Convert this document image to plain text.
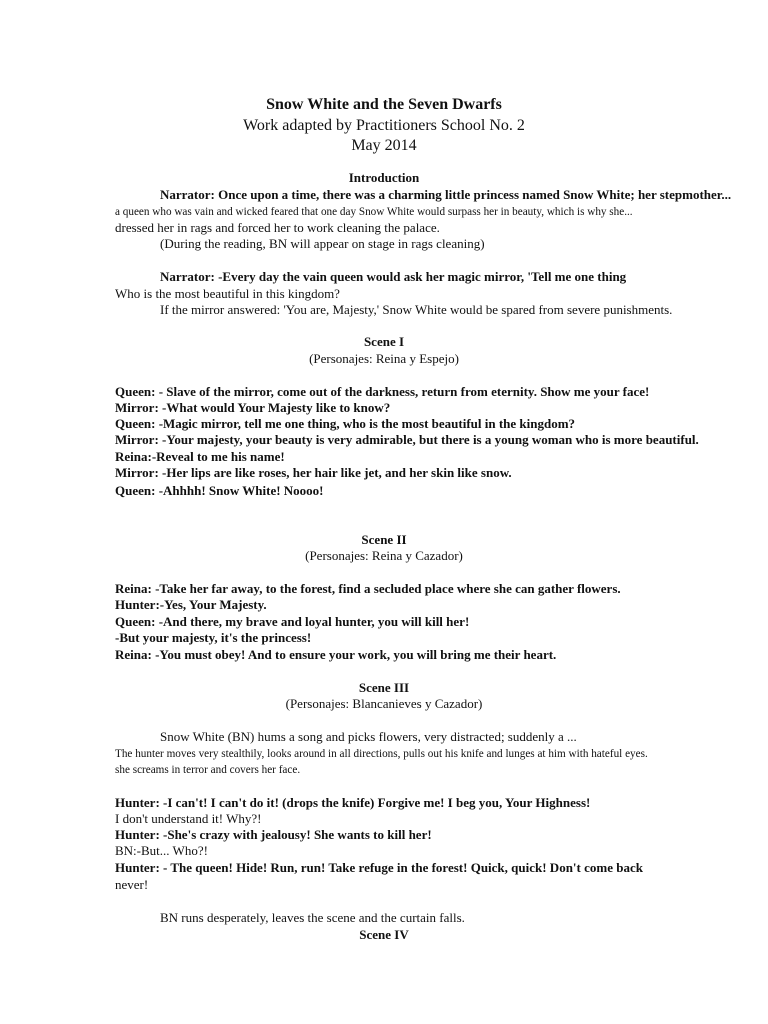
Snow White and the Seven Dwarfs

Work adapted by Practitioners School No. 2

May 2014

Introduction

Narrator: Once upon a time, there was a charming little princess named Snow White; her stepmother...

a queen who was vain and wicked feared that one day Snow White would surpass her in beauty, which is why she...

dressed her in rags and forced her to work cleaning the palace.

(During the reading, BN will appear on stage in rags cleaning)

Narrator: -Every day the vain queen would ask her magic mirror, 'Tell me one thing

Who is the most beautiful in this kingdom?

If the mirror answered: 'You are, Majesty,' Snow White would be spared from severe punishments.

Scene I

(Personajes: Reina y Espejo)

Queen: - Slave of the mirror, come out of the darkness, return from eternity. Show me your face!

Mirror: -What would Your Majesty like to know?

Queen: -Magic mirror, tell me one thing, who is the most beautiful in the kingdom?

Mirror: -Your majesty, your beauty is very admirable, but there is a young woman who is more beautiful.

Reina:-Reveal to me his name!

Mirror: -Her lips are like roses, her hair like jet, and her skin like snow.

Queen: -Ahhhh! Snow White! Noooo!

Scene II

(Personajes: Reina y Cazador)

Reina: -Take her far away, to the forest, find a secluded place where she can gather flowers.

Hunter:-Yes, Your Majesty.

Queen: -And there, my brave and loyal hunter, you will kill her!

-But your majesty, it's the princess!

Reina: -You must obey! And to ensure your work, you will bring me their heart.

Scene III

(Personajes: Blancanieves y Cazador)

Snow White (BN) hums a song and picks flowers, very distracted; suddenly a ...

The hunter moves very stealthily, looks around in all directions, pulls out his knife and lunges at him with hateful eyes.

she screams in terror and covers her face.

Hunter: -I can't! I can't do it! (drops the knife) Forgive me! I beg you, Your Highness!

I don't understand it! Why?!

Hunter: -She's crazy with jealousy! She wants to kill her!

BN:-But... Who?!

Hunter: - The queen! Hide! Run, run! Take refuge in the forest! Quick, quick! Don't come back

never!

BN runs desperately, leaves the scene and the curtain falls.

Scene IV
